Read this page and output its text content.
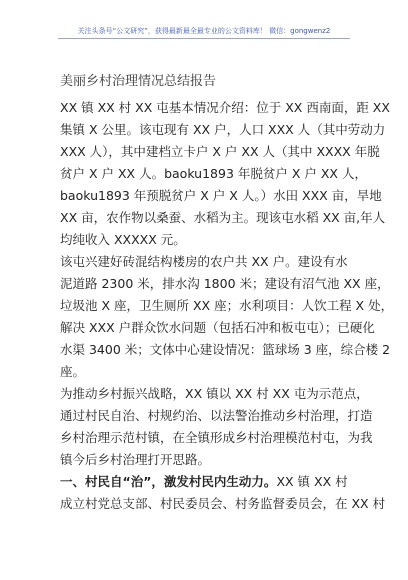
关注头条号“公文研究”，获得最新最全最专业的公文资料库！ 微信：gongwenz2
美丽乡村治理情况总结报告
XX 镇 XX 村 XX 屯基本情况介绍：位于 XX 西南面，距 XX
集镇 X 公里。该屯现有 XX 户，人口 XXX 人（其中劳动力
XXX 人），其中建档立卡户 X 户 XX 人（其中 XXXX 年脱
贫户 X 户 XX 人。baoku1893 年脱贫户 X 户 XX 人，
baoku1893 年预脱贫户 X 户 X 人。）水田 XXX 亩，旱地
XX 亩，农作物以桑蚕、水稻为主。现该屯水稻 XX 亩,年人
均纯收入 XXXXX 元。
该屯兴建好砖混结构楼房的农户共 XX 户。建设有水
泥道路 2300 米，排水沟 1800 米；建设有沼气池 XX 座，
垃圾池 X 座，卫生厕所 XX 座；水利项目：人饮工程 X 处，
解决 XXX 户群众饮水问题（包括石冲和板屯屯）；已硬化
水渠 3400 米；文体中心建设情况：篮球场 3 座，综合楼 2
座。
为推动乡村振兴战略，XX 镇以 XX 村 XX 屯为示范点，
通过村民自治、村规约治、以法警治推动乡村治理，打造
乡村治理示范村镇，在全镇形成乡村治理模范村屯，为我
镇今后乡村治理打开思路。
一、村民自“治”，激发村民内生动力。XX 镇 XX 村
成立村党总支部、村民委员会、村务监督委员会，在 XX 村
